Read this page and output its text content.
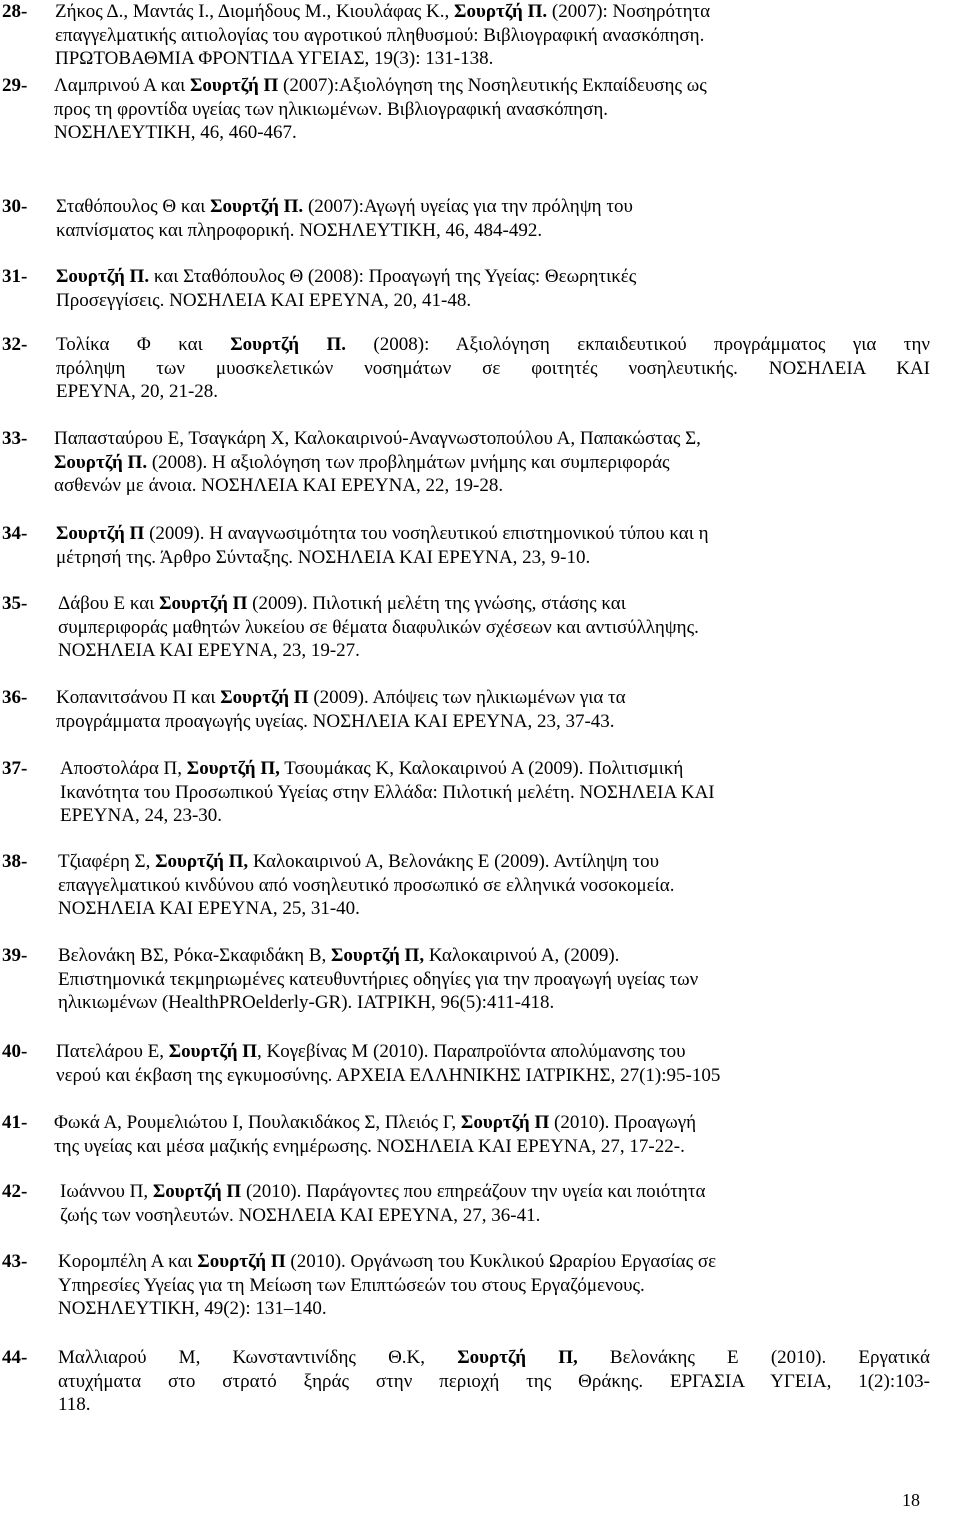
28- Ζήκος Δ., Μαντάς Ι., Διομήδους Μ., Κιουλάφας Κ., Σουρτζή Π. (2007): Νοσηρότητα
επαγγελματικής αιτιολογίας του αγροτικού πληθυσμού: Βιβλιογραφική ανασκόπηση.
ΠΡΩΤΟΒΑΘΜΙΑ ΦΡΟΝΤΙΔΑ ΥΓΕΙΑΣ, 19(3): 131-138.
29- Λαμπρινού Α και Σουρτζή Π (2007):Αξιολόγηση της Νοσηλευτικής Εκπαίδευσης ως
προς τη φροντίδα υγείας των ηλικιωμένων. Βιβλιογραφική ανασκόπηση.
ΝΟΣΗΛΕΥΤΙΚΗ, 46, 460-467.
30- Σταθόπουλος Θ και Σουρτζή Π. (2007):Αγωγή υγείας για την πρόληψη του
καπνίσματος και πληροφορική. ΝΟΣΗΛΕΥΤΙΚΗ, 46, 484-492.
31- Σουρτζή Π. και Σταθόπουλος Θ (2008): Προαγωγή της Υγείας: Θεωρητικές
Προσεγγίσεις. ΝΟΣΗΛΕΙΑ ΚΑΙ ΕΡΕΥΝΑ, 20, 41-48.
32- Τολίκα Φ και Σουρτζή Π. (2008): Αξιολόγηση εκπαιδευτικού προγράμματος για την
πρόληψη των μυοσκελετικών νοσημάτων σε φοιτητές νοσηλευτικής. ΝΟΣΗΛΕΙΑ ΚΑΙ
ΕΡΕΥΝΑ, 20, 21-28.
33- Παπασταύρου Ε, Τσαγκάρη Χ, Καλοκαιρινού-Αναγνωστοπούλου Α, Παπακώστας Σ,
Σουρτζή Π. (2008). Η αξιολόγηση των προβλημάτων μνήμης και συμπεριφοράς
ασθενών με άνοια. ΝΟΣΗΛΕΙΑ ΚΑΙ ΕΡΕΥΝΑ, 22, 19-28.
34- Σουρτζή Π (2009). Η αναγνωσιμότητα του νοσηλευτικού επιστημονικού τύπου και η
μέτρησή της. Άρθρο Σύνταξης. ΝΟΣΗΛΕΙΑ ΚΑΙ ΕΡΕΥΝΑ, 23, 9-10.
35- Δάβου Ε και Σουρτζή Π (2009). Πιλοτική μελέτη της γνώσης, στάσης και
συμπεριφοράς μαθητών λυκείου σε θέματα διαφυλικών σχέσεων και αντισύλληψης.
ΝΟΣΗΛΕΙΑ ΚΑΙ ΕΡΕΥΝΑ, 23, 19-27.
36- Κοπανιτσάνου Π και Σουρτζή Π (2009). Απόψεις των ηλικιωμένων για τα
προγράμματα προαγωγής υγείας. ΝΟΣΗΛΕΙΑ ΚΑΙ ΕΡΕΥΝΑ, 23, 37-43.
37- Αποστολάρα Π, Σουρτζή Π, Τσουμάκας Κ, Καλοκαιρινού Α (2009). Πολιτισμική
Ικανότητα του Προσωπικού Υγείας στην Ελλάδα: Πιλοτική μελέτη. ΝΟΣΗΛΕΙΑ ΚΑΙ
ΕΡΕΥΝΑ, 24, 23-30.
38- Τζιαφέρη Σ, Σουρτζή Π, Καλοκαιρινού Α, Βελονάκης Ε (2009). Αντίληψη του
επαγγελματικού κινδύνου από νοσηλευτικό προσωπικό σε ελληνικά νοσοκομεία.
ΝΟΣΗΛΕΙΑ ΚΑΙ ΕΡΕΥΝΑ, 25, 31-40.
39- Βελονάκη ΒΣ, Ρόκα-Σκαφιδάκη Β, Σουρτζή Π, Καλοκαιρινού Α, (2009).
Επιστημονικά τεκμηριωμένες κατευθυντήριες οδηγίες για την προαγωγή υγείας των
ηλικιωμένων (HealthPROelderly-GR). ΙΑΤΡΙΚΗ, 96(5):411-418.
40- Πατελάρου Ε, Σουρτζή Π, Κογεβίνας Μ (2010). Παραπροϊόντα απολύμανσης του
νερού και έκβαση της εγκυμοσύνης. ΑΡΧΕΙΑ ΕΛΛΗΝΙΚΗΣ ΙΑΤΡΙΚΗΣ, 27(1):95-105
41- Φωκά Α, Ρουμελιώτου Ι, Πουλακιδάκος Σ, Πλειός Γ, Σουρτζή Π (2010). Προαγωγή
της υγείας και μέσα μαζικής ενημέρωσης. ΝΟΣΗΛΕΙΑ ΚΑΙ ΕΡΕΥΝΑ, 27, 17-22-.
42- Ιωάννου Π, Σουρτζή Π (2010). Παράγοντες που επηρεάζουν την υγεία και ποιότητα
ζωής των νοσηλευτών. ΝΟΣΗΛΕΙΑ ΚΑΙ ΕΡΕΥΝΑ, 27, 36-41.
43- Κορομπέλη Α και Σουρτζή Π (2010). Οργάνωση του Κυκλικού Ωραρίου Εργασίας σε
Υπηρεσίες Υγείας για τη Μείωση των Επιπτώσεών του στους Εργαζόμενους.
ΝΟΣΗΛΕΥΤΙΚΗ, 49(2): 131–140.
44- Μαλλιαρού Μ, Κωνσταντινίδης Θ.Κ, Σουρτζή Π, Βελονάκης Ε (2010). Εργατικά
ατυχήματα στο στρατό ξηράς στην περιοχή της Θράκης. ΕΡΓΑΣΙΑ ΥΓΕΙΑ, 1(2):103-
118.
18
